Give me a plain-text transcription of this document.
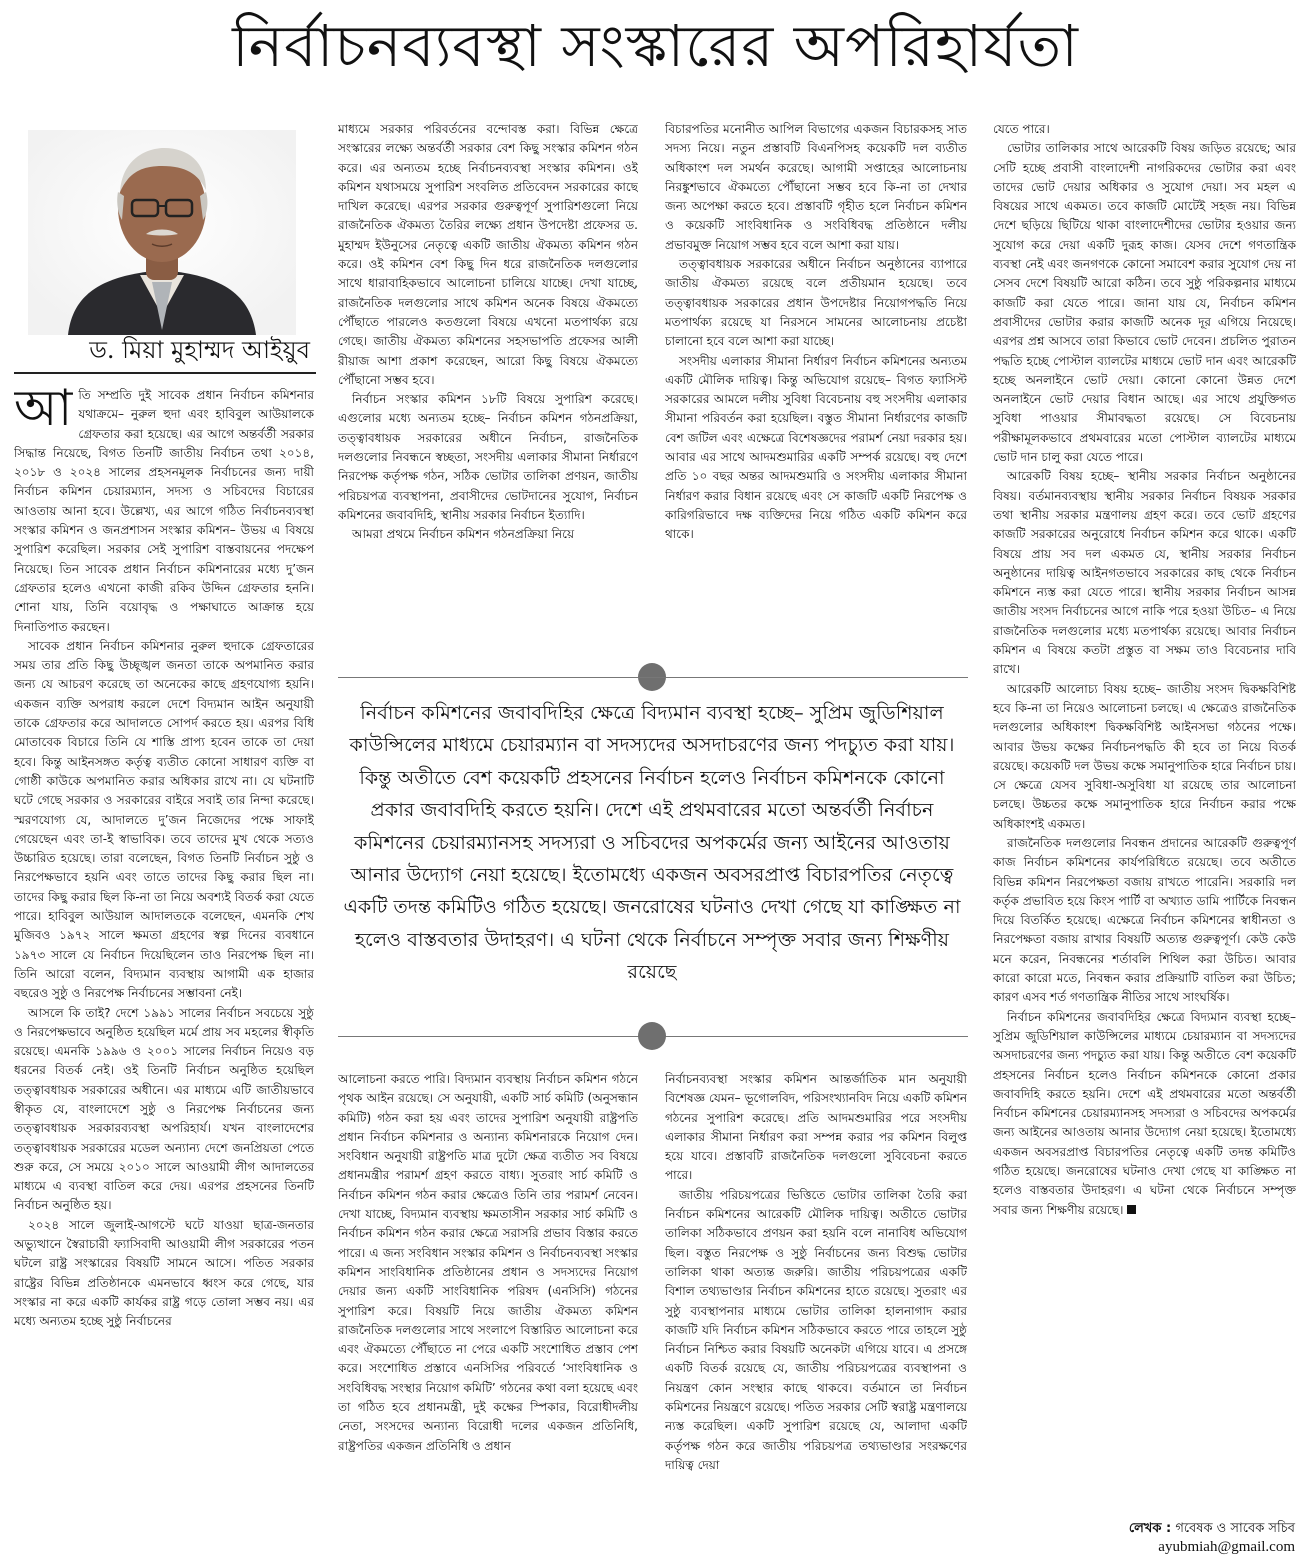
নির্বাচনব্যবস্থা সংস্কারের অপরিহার্যতা
ড. মিয়া মুহাম্মদ আইয়ুব

আতি সম্প্রতি দুই সাবেক প্রধান নির্বাচন কমিশনার যথাক্রমে– নুরুল হুদা এবং হাবিবুল আউয়ালকে গ্রেফতার করা হয়েছে। এর আগে অন্তর্বর্তী সরকার সিদ্ধান্ত নিয়েছে, বিগত তিনটি জাতীয় নির্বাচন তথা ২০১৪, ২০১৮ ও ২০২৪ সালের প্রহসনমূলক নির্বাচনের জন্য দায়ী নির্বাচন কমিশন চেয়ারম্যান, সদস্য ও সচিবদের বিচারের আওতায় আনা হবে। উল্লেখ্য, এর আগে গঠিত নির্বাচনব্যবস্থা সংস্কার কমিশন ও জনপ্রশাসন সংস্কার কমিশন– উভয় এ বিষয়ে সুপারিশ করেছিল। সরকার সেই সুপারিশ বাস্তবায়নের পদক্ষেপ নিয়েছে। তিন সাবেক প্রধান নির্বাচন কমিশনারের মধ্যে দু’জন গ্রেফতার হলেও এখনো কাজী রকিব উদ্দিন গ্রেফতার হননি। শোনা যায়, তিনি বয়োবৃদ্ধ ও পক্ষাঘাতে আক্রান্ত হয়ে দিনাতিপাত করছেন।

সাবেক প্রধান নির্বাচন কমিশনার নুরুল হুদাকে গ্রেফতারের সময় তার প্রতি কিছু উচ্ছৃঙ্খল জনতা তাকে অপমানিত করার জন্য যে আচরণ করেছে তা অনেকের কাছে গ্রহণযোগ্য হয়নি। একজন ব্যক্তি অপরাধ করলে দেশে বিদ্যমান আইন অনুযায়ী তাকে গ্রেফতার করে আদালতে সোপর্দ করতে হয়। এরপর বিধি মোতাবেক বিচারে তিনি যে শাস্তি প্রাপ্য হবেন তাকে তা দেয়া হবে। কিন্তু আইনসঙ্গত কর্তৃত্ব ব্যতীত কোনো সাধারণ ব্যক্তি বা গোষ্ঠী কাউকে অপমানিত করার অধিকার রাখে না। যে ঘটনাটি ঘটে গেছে সরকার ও সরকারের বাইরে সবাই তার নিন্দা করেছে। স্মরণযোগ্য যে, আদালতে দু’জন নিজেদের পক্ষে সাফাই গেয়েছেন এবং তা-ই স্বাভাবিক। তবে তাদের মুখ থেকে সত্যও উচ্চারিত হয়েছে। তারা বলেছেন, বিগত তিনটি নির্বাচন সুষ্ঠু ও নিরপেক্ষভাবে হয়নি এবং তাতে তাদের কিছু করার ছিল না। তাদের কিছু করার ছিল কি-না তা নিয়ে অবশ্যই বিতর্ক করা যেতে পারে। হাবিবুল আউয়াল আদালতকে বলেছেন, এমনকি শেখ মুজিবও ১৯৭২ সালে ক্ষমতা গ্রহণের স্বল্প দিনের ব্যবধানে ১৯৭৩ সালে যে নির্বাচন দিয়েছিলেন তাও নিরপেক্ষ ছিল না। তিনি আরো বলেন, বিদ্যমান ব্যবস্থায় আগামী এক হাজার বছরেও সুষ্ঠু ও নিরপেক্ষ নির্বাচনের সম্ভাবনা নেই।

আসলে কি তাই? দেশে ১৯৯১ সালের নির্বাচন সবচেয়ে সুষ্ঠু ও নিরপেক্ষভাবে অনুষ্ঠিত হয়েছিল মর্মে প্রায় সব মহলের স্বীকৃতি রয়েছে। এমনকি ১৯৯৬ ও ২০০১ সালের নির্বাচন নিয়েও বড় ধরনের বিতর্ক নেই। ওই তিনটি নির্বাচন অনুষ্ঠিত হয়েছিল তত্ত্বাবধায়ক সরকারের অধীনে। এর মাধ্যমে এটি জাতীয়ভাবে স্বীকৃত যে, বাংলাদেশে সুষ্ঠু ও নিরপেক্ষ নির্বাচনের জন্য তত্ত্বাবধায়ক সরকারব্যবস্থা অপরিহার্য। যখন বাংলাদেশের তত্ত্বাবধায়ক সরকারের মডেল অন্যান্য দেশে জনপ্রিয়তা পেতে শুরু করে, সে সময়ে ২০১০ সালে আওয়ামী লীগ আদালতের মাধ্যমে এ ব্যবস্থা বাতিল করে দেয়। এরপর প্রহসনের তিনটি নির্বাচন অনুষ্ঠিত হয়।

২০২৪ সালে জুলাই-আগস্টে ঘটে যাওয়া ছাত্র-জনতার অভ্যুত্থানে স্বৈরাচারী ফ্যাসিবাদী আওয়ামী লীগ সরকারের পতন ঘটলে রাষ্ট্র সংস্কারের বিষয়টি সামনে আসে। পতিত সরকার রাষ্ট্রের বিভিন্ন প্রতিষ্ঠানকে এমনভাবে ধ্বংস করে গেছে, যার সংস্কার না করে একটি কার্যকর রাষ্ট্র গড়ে তোলা সম্ভব নয়। এর মধ্যে অন্যতম হচ্ছে সুষ্ঠু নির্বাচনের

মাধ্যমে সরকার পরিবর্তনের বন্দোবস্ত করা। বিভিন্ন ক্ষেত্রে সংস্কারের লক্ষ্যে অন্তর্বর্তী সরকার বেশ কিছু সংস্কার কমিশন গঠন করে। এর অন্যতম হচ্ছে নির্বাচনব্যবস্থা সংস্কার কমিশন। ওই কমিশন যথাসময়ে সুপারিশ সংবলিত প্রতিবেদন সরকারের কাছে দাখিল করেছে। এরপর সরকার গুরুত্বপূর্ণ সুপারিশগুলো নিয়ে রাজনৈতিক ঐকমত্য তৈরির লক্ষ্যে প্রধান উপদেষ্টা প্রফেসর ড. মুহাম্মদ ইউনুসের নেতৃত্বে একটি জাতীয় ঐকমত্য কমিশন গঠন করে। ওই কমিশন বেশ কিছু দিন ধরে রাজনৈতিক দলগুলোর সাথে ধারাবাহিকভাবে আলোচনা চালিয়ে যাচ্ছে। দেখা যাচ্ছে, রাজনৈতিক দলগুলোর সাথে কমিশন অনেক বিষয়ে ঐকমত্যে পৌঁছাতে পারলেও কতগুলো বিষয়ে এখনো মতপার্থক্য রয়ে গেছে। জাতীয় ঐকমত্য কমিশনের সহসভাপতি প্রফেসর আলী রীয়াজ আশা প্রকাশ করেছেন, আরো কিছু বিষয়ে ঐকমত্যে পৌঁছানো সম্ভব হবে।

নির্বাচন সংস্কার কমিশন ১৮টি বিষয়ে সুপারিশ করেছে। এগুলোর মধ্যে অন্যতম হচ্ছে– নির্বাচন কমিশন গঠনপ্রক্রিয়া, তত্ত্বাবধায়ক সরকারের অধীনে নির্বাচন, রাজনৈতিক দলগুলোর নিবন্ধনে স্বচ্ছতা, সংসদীয় এলাকার সীমানা নির্ধারণে নিরপেক্ষ কর্তৃপক্ষ গঠন, সঠিক ভোটার তালিকা প্রণয়ন, জাতীয় পরিচয়পত্র ব্যবস্থাপনা, প্রবাসীদের ভোটদানের সুযোগ, নির্বাচন কমিশনের জবাবদিহি, স্থানীয় সরকার নির্বাচন ইত্যাদি।

আমরা প্রথমে নির্বাচন কমিশন গঠনপ্রক্রিয়া নিয়ে

বিচারপতির মনোনীত আপিল বিভাগের একজন বিচারকসহ সাত সদস্য নিয়ে। নতুন প্রস্তাবটি বিএনপিসহ কয়েকটি দল ব্যতীত অধিকাংশ দল সমর্থন করেছে। আগামী সপ্তাহের আলোচনায় নিরঙ্কুশভাবে ঐকমত্যে পৌঁছানো সম্ভব হবে কি-না তা দেখার জন্য অপেক্ষা করতে হবে। প্রস্তাবটি গৃহীত হলে নির্বাচন কমিশন ও কয়েকটি সাংবিধানিক ও সংবিধিবদ্ধ প্রতিষ্ঠানে দলীয় প্রভাবমুক্ত নিয়োগ সম্ভব হবে বলে আশা করা যায়।

তত্ত্বাবধায়ক সরকারের অধীনে নির্বাচন অনুষ্ঠানের ব্যাপারে জাতীয় ঐকমত্য রয়েছে বলে প্রতীয়মান হয়েছে। তবে তত্ত্বাবধায়ক সরকারের প্রধান উপদেষ্টার নিয়োগপদ্ধতি নিয়ে মতপার্থক্য রয়েছে যা নিরসনে সামনের আলোচনায় প্রচেষ্টা চালানো হবে বলে আশা করা যাচ্ছে।

সংসদীয় এলাকার সীমানা নির্ধারণ নির্বাচন কমিশনের অন্যতম একটি মৌলিক দায়িত্ব। কিন্তু অভিযোগ রয়েছে– বিগত ফ্যাসিস্ট সরকারের আমলে দলীয় সুবিধা বিবেচনায় বহু সংসদীয় এলাকার সীমানা পরিবর্তন করা হয়েছিল। বস্তুত সীমানা নির্ধারণের কাজটি বেশ জটিল এবং এক্ষেত্রে বিশেষজ্ঞদের পরামর্শ নেয়া দরকার হয়। আবার এর সাথে আদমশুমারির একটি সম্পর্ক রয়েছে। বহু দেশে প্রতি ১০ বছর অন্তর আদমশুমারি ও সংসদীয় এলাকার সীমানা নির্ধারণ করার বিধান রয়েছে এবং সে কাজটি একটি নিরপেক্ষ ও কারিগরিভাবে দক্ষ ব্যক্তিদের নিয়ে গঠিত একটি কমিশন করে থাকে।

নির্বাচন কমিশনের জবাবদিহির ক্ষেত্রে বিদ্যমান ব্যবস্থা হচ্ছে– সুপ্রিম জুডিশিয়াল কাউন্সিলের মাধ্যমে চেয়ারম্যান বা সদস্যদের অসদাচরণের জন্য পদচ্যুত করা যায়। কিন্তু অতীতে বেশ কয়েকটি প্রহসনের নির্বাচন হলেও নির্বাচন কমিশনকে কোনো প্রকার জবাবদিহি করতে হয়নি। দেশে এই প্রথমবারের মতো অন্তর্বর্তী নির্বাচন কমিশনের চেয়ারম্যানসহ সদস্যরা ও সচিবদের অপকর্মের জন্য আইনের আওতায় আনার উদ্যোগ নেয়া হয়েছে। ইতোমধ্যে একজন অবসরপ্রাপ্ত বিচারপতির নেতৃত্বে একটি তদন্ত কমিটিও গঠিত হয়েছে। জনরোষের ঘটনাও দেখা গেছে যা কাঙ্ক্ষিত না হলেও বাস্তবতার উদাহরণ। এ ঘটনা থেকে নির্বাচনে সম্পৃক্ত সবার জন্য শিক্ষণীয় রয়েছে

আলোচনা করতে পারি। বিদ্যমান ব্যবস্থায় নির্বাচন কমিশন গঠনে পৃথক আইন রয়েছে। সে অনুযায়ী, একটি সার্চ কমিটি (অনুসন্ধান কমিটি) গঠন করা হয় এবং তাদের সুপারিশ অনুযায়ী রাষ্ট্রপতি প্রধান নির্বাচন কমিশনার ও অন্যান্য কমিশনারকে নিয়োগ দেন। সংবিধান অনুযায়ী রাষ্ট্রপতি মাত্র দুটো ক্ষেত্র ব্যতীত সব বিষয়ে প্রধানমন্ত্রীর পরামর্শ গ্রহণ করতে বাধ্য। সুতরাং সার্চ কমিটি ও নির্বাচন কমিশন গঠন করার ক্ষেত্রেও তিনি তার পরামর্শ নেবেন। দেখা যাচ্ছে, বিদ্যমান ব্যবস্থায় ক্ষমতাসীন সরকার সার্চ কমিটি ও নির্বাচন কমিশন গঠন করার ক্ষেত্রে সরাসরি প্রভাব বিস্তার করতে পারে। এ জন্য সংবিধান সংস্কার কমিশন ও নির্বাচনব্যবস্থা সংস্কার কমিশন সাংবিধানিক প্রতিষ্ঠানের প্রধান ও সদস্যদের নিয়োগ দেয়ার জন্য একটি সাংবিধানিক পরিষদ (এনসিসি) গঠনের সুপারিশ করে। বিষয়টি নিয়ে জাতীয় ঐকমত্য কমিশন রাজনৈতিক দলগুলোর সাথে সংলাপে বিস্তারিত আলোচনা করে এবং ঐকমত্যে পৌঁছাতে না পেরে একটি সংশোধিত প্রস্তাব পেশ করে। সংশোধিত প্রস্তাবে এনসিসির পরিবর্তে ‘সাংবিধানিক ও সংবিধিবদ্ধ সংস্থার নিয়োগ কমিটি’ গঠনের কথা বলা হয়েছে এবং তা গঠিত হবে প্রধানমন্ত্রী, দুই কক্ষের স্পিকার, বিরোধীদলীয় নেতা, সংসদের অন্যান্য বিরোধী দলের একজন প্রতিনিধি, রাষ্ট্রপতির একজন প্রতিনিধি ও প্রধান

নির্বাচনব্যবস্থা সংস্কার কমিশন আন্তর্জাতিক মান অনুযায়ী বিশেষজ্ঞ যেমন– ভূগোলবিদ, পরিসংখ্যানবিদ নিয়ে একটি কমিশন গঠনের সুপারিশ করেছে। প্রতি আদমশুমারির পরে সংসদীয় এলাকার সীমানা নির্ধারণ করা সম্পন্ন করার পর কমিশন বিলুপ্ত হয়ে যাবে। প্রস্তাবটি রাজনৈতিক দলগুলো সুবিবেচনা করতে পারে।

জাতীয় পরিচয়পত্রের ভিত্তিতে ভোটার তালিকা তৈরি করা নির্বাচন কমিশনের আরেকটি মৌলিক দায়িত্ব। অতীতে ভোটার তালিকা সঠিকভাবে প্রণয়ন করা হয়নি বলে নানাবিধ অভিযোগ ছিল। বস্তুত নিরপেক্ষ ও সুষ্ঠু নির্বাচনের জন্য বিশুদ্ধ ভোটার তালিকা থাকা অত্যন্ত জরুরি। জাতীয় পরিচয়পত্রের একটি বিশাল তথ্যভাণ্ডার নির্বাচন কমিশনের হাতে রয়েছে। সুতরাং এর সুষ্ঠু ব্যবস্থাপনার মাধ্যমে ভোটার তালিকা হালনাগাদ করার কাজটি যদি নির্বাচন কমিশন সঠিকভাবে করতে পারে তাহলে সুষ্ঠু নির্বাচন নিশ্চিত করার বিষয়টি অনেকটা এগিয়ে যাবে। এ প্রসঙ্গে একটি বিতর্ক রয়েছে যে, জাতীয় পরিচয়পত্রের ব্যবস্থাপনা ও নিয়ন্ত্রণ কোন সংস্থার কাছে থাকবে। বর্তমানে তা নির্বাচন কমিশনের নিয়ন্ত্রণে রয়েছে। পতিত সরকার সেটি স্বরাষ্ট্র মন্ত্রণালয়ে ন্যস্ত করেছিল। একটি সুপারিশ রয়েছে যে, আলাদা একটি কর্তৃপক্ষ গঠন করে জাতীয় পরিচয়পত্র তথ্যভাণ্ডার সংরক্ষণের দায়িত্ব দেয়া

যেতে পারে।

ভোটার তালিকার সাথে আরেকটি বিষয় জড়িত রয়েছে; আর সেটি হচ্ছে প্রবাসী বাংলাদেশী নাগরিকদের ভোটার করা এবং তাদের ভোট দেয়ার অধিকার ও সুযোগ দেয়া। সব মহল এ বিষয়ের সাথে একমত। তবে কাজটি মোটেই সহজ নয়। বিভিন্ন দেশে ছড়িয়ে ছিটিয়ে থাকা বাংলাদেশীদের ভোটার হওয়ার জন্য সুযোগ করে দেয়া একটি দুরূহ কাজ। যেসব দেশে গণতান্ত্রিক ব্যবস্থা নেই এবং জনগণকে কোনো সমাবেশ করার সুযোগ দেয় না সেসব দেশে বিষয়টি আরো কঠিন। তবে সুষ্ঠু পরিকল্পনার মাধ্যমে কাজটি করা যেতে পারে। জানা যায় যে, নির্বাচন কমিশন প্রবাসীদের ভোটার করার কাজটি অনেক দূর এগিয়ে নিয়েছে। এরপর প্রশ্ন আসবে তারা কিভাবে ভোট দেবেন। প্রচলিত পুরাতন পদ্ধতি হচ্ছে পোস্টাল ব্যালটের মাধ্যমে ভোট দান এবং আরেকটি হচ্ছে অনলাইনে ভোট দেয়া। কোনো কোনো উন্নত দেশে অনলাইনে ভোট দেয়ার বিধান আছে। এর সাথে প্রযুক্তিগত সুবিধা পাওয়ার সীমাবদ্ধতা রয়েছে। সে বিবেচনায় পরীক্ষামূলকভাবে প্রথমবারের মতো পোস্টাল ব্যালটের মাধ্যমে ভোট দান চালু করা যেতে পারে।

আরেকটি বিষয় হচ্ছে– স্থানীয় সরকার নির্বাচন অনুষ্ঠানের বিষয়। বর্তমানব্যবস্থায় স্থানীয় সরকার নির্বাচন বিষয়ক সরকার তথা স্থানীয় সরকার মন্ত্রণালয় গ্রহণ করে। তবে ভোট গ্রহণের কাজটি সরকারের অনুরোধে নির্বাচন কমিশন করে থাকে। একটি বিষয়ে প্রায় সব দল একমত যে, স্থানীয় সরকার নির্বাচন অনুষ্ঠানের দায়িত্ব আইনগতভাবে সরকারের কাছ থেকে নির্বাচন কমিশনে ন্যস্ত করা যেতে পারে। স্থানীয় সরকার নির্বাচন আসন্ন জাতীয় সংসদ নির্বাচনের আগে নাকি পরে হওয়া উচিত– এ নিয়ে রাজনৈতিক দলগুলোর মধ্যে মতপার্থক্য রয়েছে। আবার নির্বাচন কমিশন এ বিষয়ে কতটা প্রস্তুত বা সক্ষম তাও বিবেচনার দাবি রাখে।

আরেকটি আলোচ্য বিষয় হচ্ছে– জাতীয় সংসদ দ্বিকক্ষবিশিষ্ট হবে কি-না তা নিয়েও আলোচনা চলছে। এ ক্ষেত্রেও রাজনৈতিক দলগুলোর অধিকাংশ দ্বিকক্ষবিশিষ্ট আইনসভা গঠনের পক্ষে। আবার উভয় কক্ষের নির্বাচনপদ্ধতি কী হবে তা নিয়ে বিতর্ক রয়েছে। কয়েকটি দল উভয় কক্ষে সমানুপাতিক হারে নির্বাচন চায়। সে ক্ষেত্রে যেসব সুবিধা-অসুবিধা যা রয়েছে তার আলোচনা চলছে। উচ্চতর কক্ষে সমানুপাতিক হারে নির্বাচন করার পক্ষে অধিকাংশই একমত।

রাজনৈতিক দলগুলোর নিবন্ধন প্রদানের আরেকটি গুরুত্বপূর্ণ কাজ নির্বাচন কমিশনের কার্যপরিধিতে রয়েছে। তবে অতীতে বিভিন্ন কমিশন নিরপেক্ষতা বজায় রাখতে পারেনি। সরকারি দল কর্তৃক প্রভাবিত হয়ে কিংস পার্টি বা অখ্যাত ডামি পার্টিকে নিবন্ধন দিয়ে বিতর্কিত হয়েছে। এক্ষেত্রে নির্বাচন কমিশনের স্বাধীনতা ও নিরপেক্ষতা বজায় রাখার বিষয়টি অত্যন্ত গুরুত্বপূর্ণ। কেউ কেউ মনে করেন, নিবন্ধনের শর্তাবলি শিথিল করা উচিত। আবার কারো কারো মতে, নিবন্ধন করার প্রক্রিয়াটি বাতিল করা উচিত; কারণ এসব শর্ত গণতান্ত্রিক নীতির সাথে সাংঘর্ষিক।

নির্বাচন কমিশনের জবাবদিহির ক্ষেত্রে বিদ্যমান ব্যবস্থা হচ্ছে– সুপ্রিম জুডিশিয়াল কাউন্সিলের মাধ্যমে চেয়ারম্যান বা সদস্যদের অসদাচরণের জন্য পদচ্যুত করা যায়। কিন্তু অতীতে বেশ কয়েকটি প্রহসনের নির্বাচন হলেও নির্বাচন কমিশনকে কোনো প্রকার জবাবদিহি করতে হয়নি। দেশে এই প্রথমবারের মতো অন্তর্বর্তী নির্বাচন কমিশনের চেয়ারম্যানসহ সদস্যরা ও সচিবদের অপকর্মের জন্য আইনের আওতায় আনার উদ্যোগ নেয়া হয়েছে। ইতোমধ্যে একজন অবসরপ্রাপ্ত বিচারপতির নেতৃত্বে একটি তদন্ত কমিটিও গঠিত হয়েছে। জনরোষের ঘটনাও দেখা গেছে যা কাঙ্ক্ষিত না হলেও বাস্তবতার উদাহরণ। এ ঘটনা থেকে নির্বাচনে সম্পৃক্ত সবার জন্য শিক্ষণীয় রয়েছে।

লেখক : গবেষক ও সাবেক সচিব
ayubmiah@gmail.com
